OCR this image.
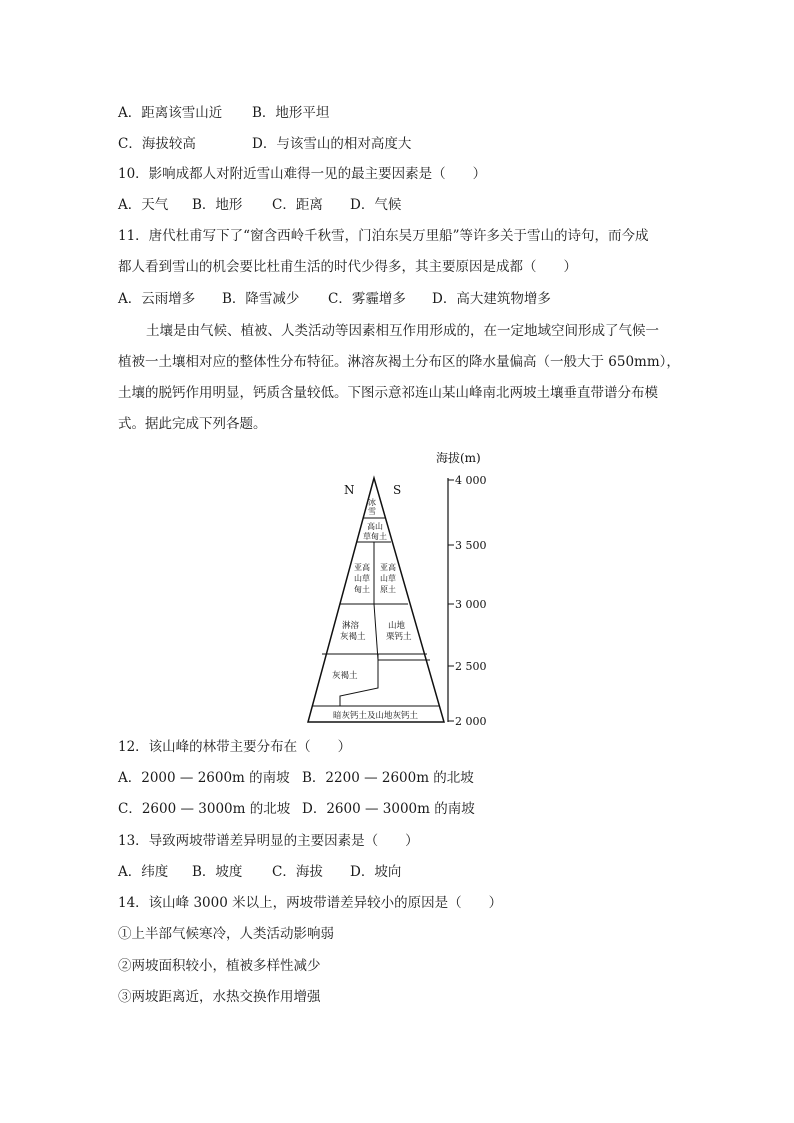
A．距离该雪山近 B．地形平坦
C．海拔较高	D．与该雪山的相对高度大
10．影响成都人对附近雪山难得一见的最主要因素是（　　）
A．天气 B．地形 C．距离 D．气候
11．唐代杜甫写下了“窗含西岭千秋雪，门泊东吴万里船”等许多关于雪山的诗句，而今成
都人看到雪山的机会要比杜甫生活的时代少得多，其主要原因是成都（　　）
A．云雨增多 B．降雪减少 C．雾霾增多 D．高大建筑物增多
土壤是由气候、植被、人类活动等因素相互作用形成的，在一定地域空间形成了气候一
植被一土壤相对应的整体性分布特征。淋溶灰褐土分布区的降水量偏高（一般大于 650mm），
土壤的脱钙作用明显，钙质含量较低。下图示意祁连山某山峰南北两坡土壤垂直带谱分布模
式。据此完成下列各题。
海拔(m)
N	S
冰
雪
高山
草甸土
亚高
山草
甸土
亚高
山草
原土
淋溶
灰褐土
山地
栗钙土
灰褐土
暗灰钙土及山地灰钙土
4 000
3 500
3 000
2 500
2 000
12．该山峰的林带主要分布在（　　）
A．2000 — 2600m 的南坡 B．2200 — 2600m 的北坡
C．2600 — 3000m 的北坡 D．2600 — 3000m 的南坡
13．导致两坡带谱差异明显的主要因素是（　　）
A．纬度 B．坡度 C．海拔 D．坡向
14．该山峰 3000 米以上，两坡带谱差异较小的原因是（　　）
①上半部气候寒冷，人类活动影响弱
②两坡面积较小，植被多样性减少
③两坡距离近，水热交换作用增强
